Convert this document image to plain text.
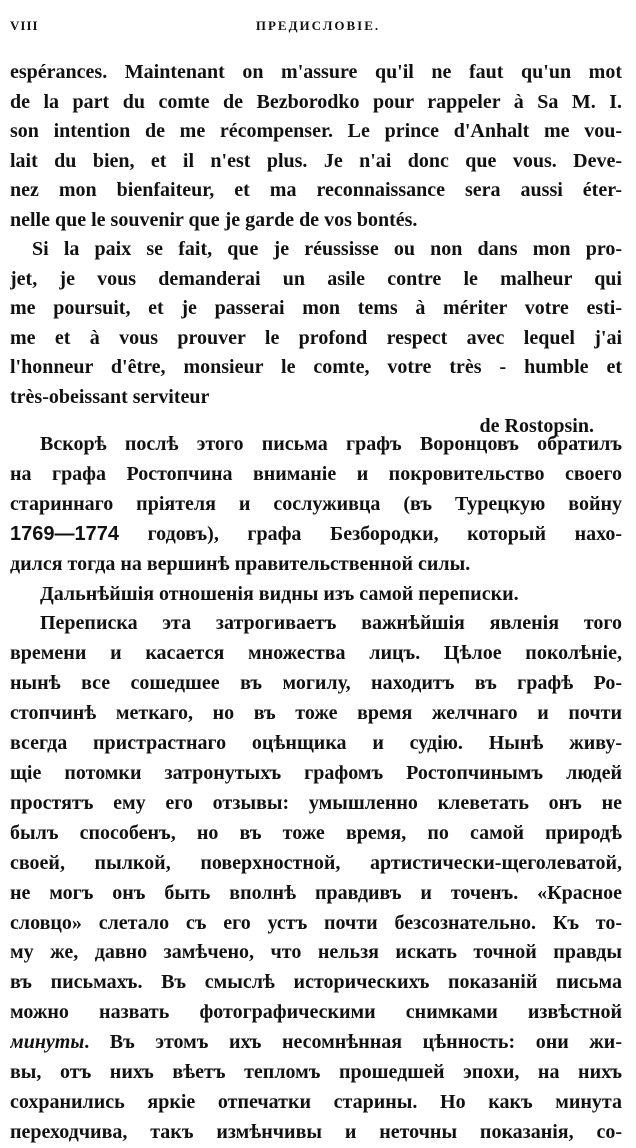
VIII	ПРЕДИСЛОВІЕ.

espérances. Maintenant on m'assure qu'il ne faut qu'un mot
de la part du comte de Bezborodko pour rappeler à Sa M. I.
son intention de me récompenser. Le prince d'Anhalt me vou-
lait du bien, et il n'est plus. Je n'ai donc que vous. Deve-
nez mon bienfaiteur, et ma reconnaissance sera aussi éter-
nelle que le souvenir que je garde de vos bontés.

Si la paix se fait, que je réussisse ou non dans mon pro-
jet, je vous demanderai un asile contre le malheur qui
me poursuit, et je passerai mon tems à mériter votre esti-
me et à vous prouver le profond respect avec lequel j'ai
l'honneur d'être, monsieur le comte, votre très - humble et
très-obeissant serviteur

de Rostopsin.
Вскорѣ послѣ этого письма графъ Воронцовъ обратилъ
на графа Ростопчина вниманіе и покровительство своего
стариннаго пріятеля и сослуживца (въ Турецкую войну
1769—1774 годовъ), графа Безбородки, который нахо-
дился тогда на вершинѣ правительственной силы.
Дальнѣйшія отношенія видны изъ самой переписки.
Переписка эта затрогиваетъ важнѣйшія явленія того
времени и касается множества лицъ. Цѣлое поколѣніе,
нынѣ все сошедшее въ могилу, находитъ въ графѣ Ро-
стопчинѣ меткаго, но въ тоже время желчнаго и почти
всегда пристрастнаго оцѣнщика и судію. Нынѣ живу-
щіе потомки затронутыхъ графомъ Ростопчинымъ людей
простятъ ему его отзывы: умышленно клеветать онъ не
былъ способенъ, но въ тоже время, по самой природѣ
своей, пылкой, поверхностной, артистически-щеголеватой,
не могъ онъ быть вполнѣ правдивъ и точенъ. «Красное
словцо» слетало съ его устъ почти безсознательно. Къ то-
му же, давно замѣчено, что нельзя искать точной правды
въ письмахъ. Въ смыслѣ историческихъ показаній письма
можно назвать фотографическими снимками извѣстной
минуты. Въ этомъ ихъ несомнѣнная цѣнность: они жи-
вы, отъ нихъ вѣетъ тепломъ прошедшей эпохи, на нихъ
сохранились яркіе отпечатки старины. Но какъ минута
переходчива, такъ измѣнчивы и неточны показанія, со-
